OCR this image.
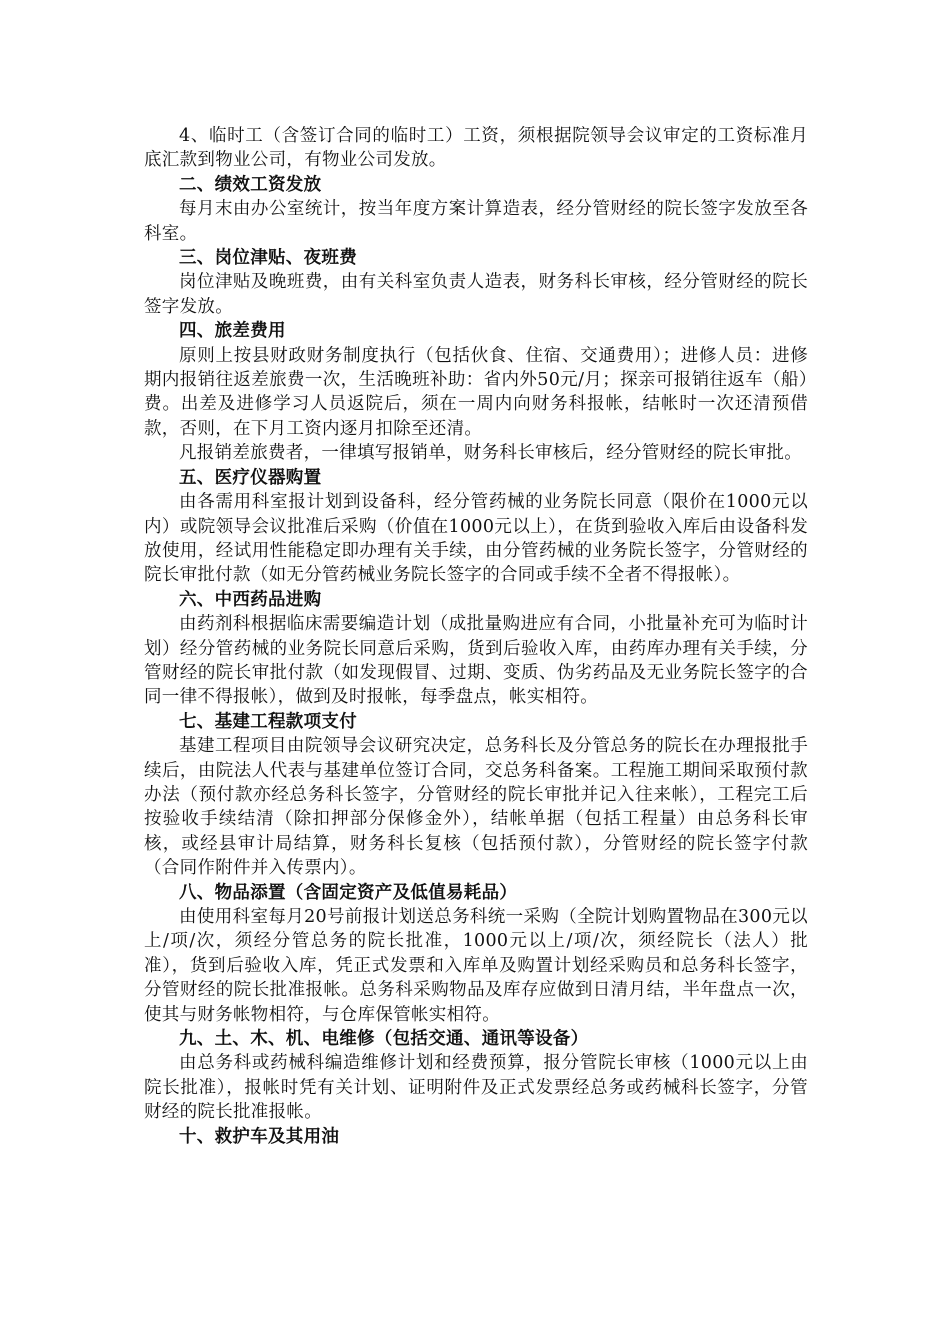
4、临时工（含签订合同的临时工）工资，须根据院领导会议审定的工资标准月底汇款到物业公司，有物业公司发放。

二、绩效工资发放

每月末由办公室统计，按当年度方案计算造表，经分管财经的院长签字发放至各科室。

三、岗位津贴、夜班费

岗位津贴及晚班费，由有关科室负责人造表，财务科长审核，经分管财经的院长签字发放。

四、旅差费用

原则上按县财政财务制度执行（包括伙食、住宿、交通费用）；进修人员：进修期内报销往返差旅费一次，生活晚班补助：省内外50元/月；探亲可报销往返车（船）费。出差及进修学习人员返院后，须在一周内向财务科报帐，结帐时一次还清预借款，否则，在下月工资内逐月扣除至还清。

凡报销差旅费者，一律填写报销单，财务科长审核后，经分管财经的院长审批。

五、医疗仪器购置

由各需用科室报计划到设备科，经分管药械的业务院长同意（限价在1000元以内）或院领导会议批准后采购（价值在1000元以上），在货到验收入库后由设备科发放使用，经试用性能稳定即办理有关手续，由分管药械的业务院长签字，分管财经的院长审批付款（如无分管药械业务院长签字的合同或手续不全者不得报帐）。

六、中西药品进购

由药剂科根据临床需要编造计划（成批量购进应有合同，小批量补充可为临时计划）经分管药械的业务院长同意后采购，货到后验收入库，由药库办理有关手续，分管财经的院长审批付款（如发现假冒、过期、变质、伪劣药品及无业务院长签字的合同一律不得报帐），做到及时报帐，每季盘点，帐实相符。

七、基建工程款项支付

基建工程项目由院领导会议研究决定，总务科长及分管总务的院长在办理报批手续后，由院法人代表与基建单位签订合同，交总务科备案。工程施工期间采取预付款办法（预付款亦经总务科长签字，分管财经的院长审批并记入往来帐），工程完工后按验收手续结清（除扣押部分保修金外），结帐单据（包括工程量）由总务科长审核，或经县审计局结算，财务科长复核（包括预付款），分管财经的院长签字付款（合同作附件并入传票内）。

八、物品添置（含固定资产及低值易耗品）

由使用科室每月20号前报计划送总务科统一采购（全院计划购置物品在300元以上/项/次，须经分管总务的院长批准，1000元以上/项/次，须经院长（法人）批准），货到后验收入库，凭正式发票和入库单及购置计划经采购员和总务科长签字，分管财经的院长批准报帐。总务科采购物品及库存应做到日清月结，半年盘点一次，使其与财务帐物相符，与仓库保管帐实相符。

九、土、木、机、电维修（包括交通、通讯等设备）

由总务科或药械科编造维修计划和经费预算，报分管院长审核（1000元以上由院长批准），报帐时凭有关计划、证明附件及正式发票经总务或药械科长签字，分管财经的院长批准报帐。

十、救护车及其用油
